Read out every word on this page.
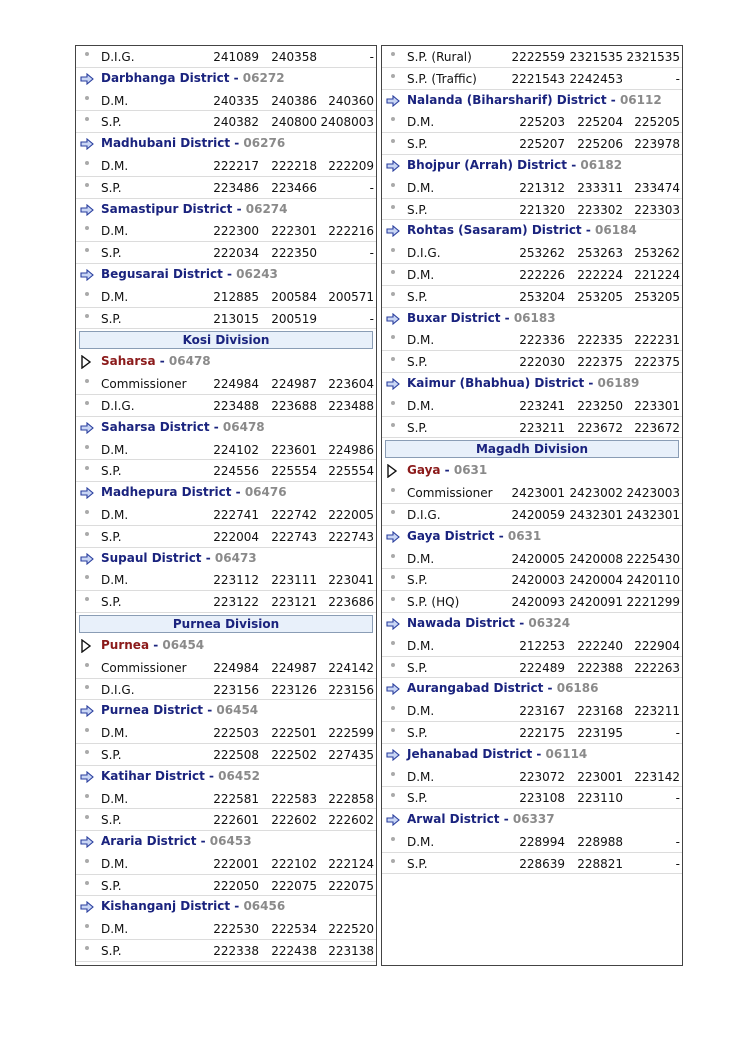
D.I.G.	241089	240358	-
Darbhanga District - 06272
D.M.	240335	240386 240360
S.P.	240382	240800 2408003
Madhubani District - 06276
D.M.	222217	222218 222209
S.P.	223486	223466	-
Samastipur District - 06274
D.M.	222300	222301 222216
S.P.	222034	222350	-
Begusarai District - 06243
D.M.	212885	200584 200571
S.P.	213015	200519	-
Kosi Division
Saharsa - 06478
Commissioner	224984	224987 223604
D.I.G.	223488	223688 223488
Saharsa District - 06478
D.M.	224102	223601 224986
S.P.	224556	225554 225554
Madhepura District - 06476
D.M.	222741	222742 222005
S.P.	222004	222743 222743
Supaul District - 06473
D.M.	223112	223111 223041
S.P.	223122	223121 223686
Purnea Division
Purnea - 06454
Commissioner	224984	224987 224142
D.I.G.	223156	223126 223156
Purnea District - 06454
D.M.	222503	222501 222599
S.P.	222508	222502 227435
Katihar District - 06452
D.M.	222581	222583 222858
S.P.	222601	222602 222602
Araria District - 06453
D.M.	222001	222102 222124
S.P.	222050	222075 222075
Kishanganj District - 06456
D.M.	222530	222534 222520
S.P.	222338	222438 223138
S.P. (Rural)	2222559 2321535 2321535
S.P. (Traffic)	2221543 2242453	-
Nalanda (Biharsharif) District - 06112
D.M.	225203	225204 225205
S.P.	225207	225206 223978
Bhojpur (Arrah) District - 06182
D.M.	221312	233311 233474
S.P.	221320	223302 223303
Rohtas (Sasaram) District - 06184
D.I.G.	253262	253263 253262
D.M.	222226	222224 221224
S.P.	253204	253205 253205
Buxar District - 06183
D.M.	222336	222335 222231
S.P.	222030	222375 222375
Kaimur (Bhabhua) District - 06189
D.M.	223241	223250 223301
S.P.	223211	223672 223672
Magadh Division
Gaya - 0631
Commissioner	2423001 2423002 2423003
D.I.G.	2420059 2432301 2432301
Gaya District - 0631
D.M.	2420005 2420008 2225430
S.P.	2420003 2420004 2420110
S.P. (HQ)	2420093 2420091 2221299
Nawada District - 06324
D.M.	212253	222240 222904
S.P.	222489	222388 222263
Aurangabad District - 06186
D.M.	223167	223168 223211
S.P.	222175	223195	-
Jehanabad District - 06114
D.M.	223072	223001 223142
S.P.	223108	223110	-
Arwal District - 06337
D.M.	228994	228988	-
S.P.	228639	228821	-
